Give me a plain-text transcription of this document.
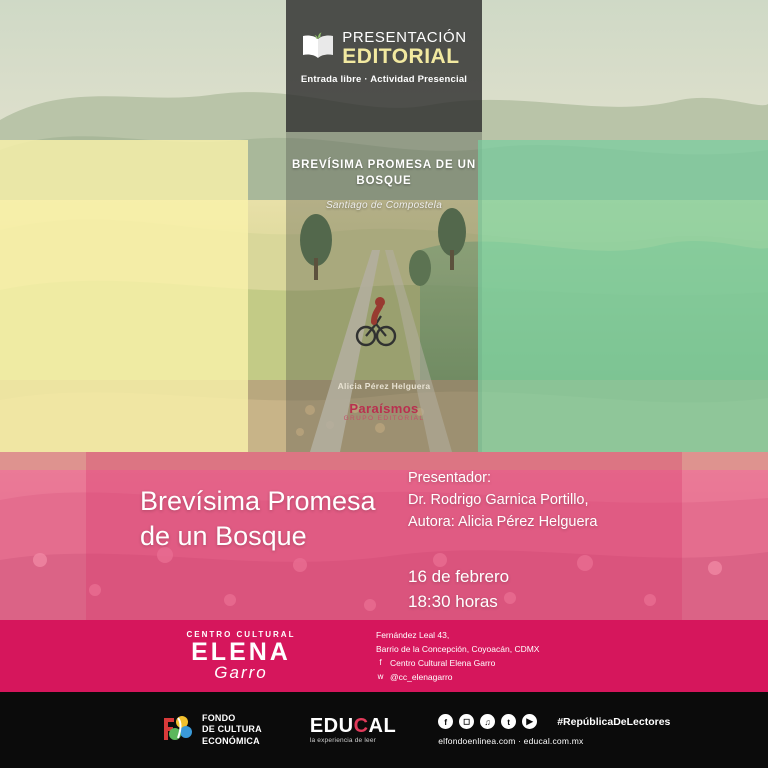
PRESENTACIÓN
EDITORIAL
Entrada libre · Actividad Presencial
BREVÍSIMA PROMESA DE UN BOSQUE
Santiago de Compostela
Alicia Pérez Helguera
Paraísmos
GRUPO EDITORIAL
Brevísima Promesa de un Bosque
Presentador:
Dr. Rodrigo Garnica Portillo,
Autora: Alicia Pérez Helguera
16 de febrero
18:30 horas
CENTRO CULTURAL
ELENA
Garro
Fernández Leal 43,
Barrio de la Concepción, Coyoacán, CDMX
f Centro Cultural Elena Garro
w @cc_elenagarro
FONDO
DE CULTURA
ECONÓMICA
EDUCAL
la experiencia de leer
f	◻	♫	t	▶	#RepúblicaDeLectores
elfondoenlinea.com · educal.com.mx
